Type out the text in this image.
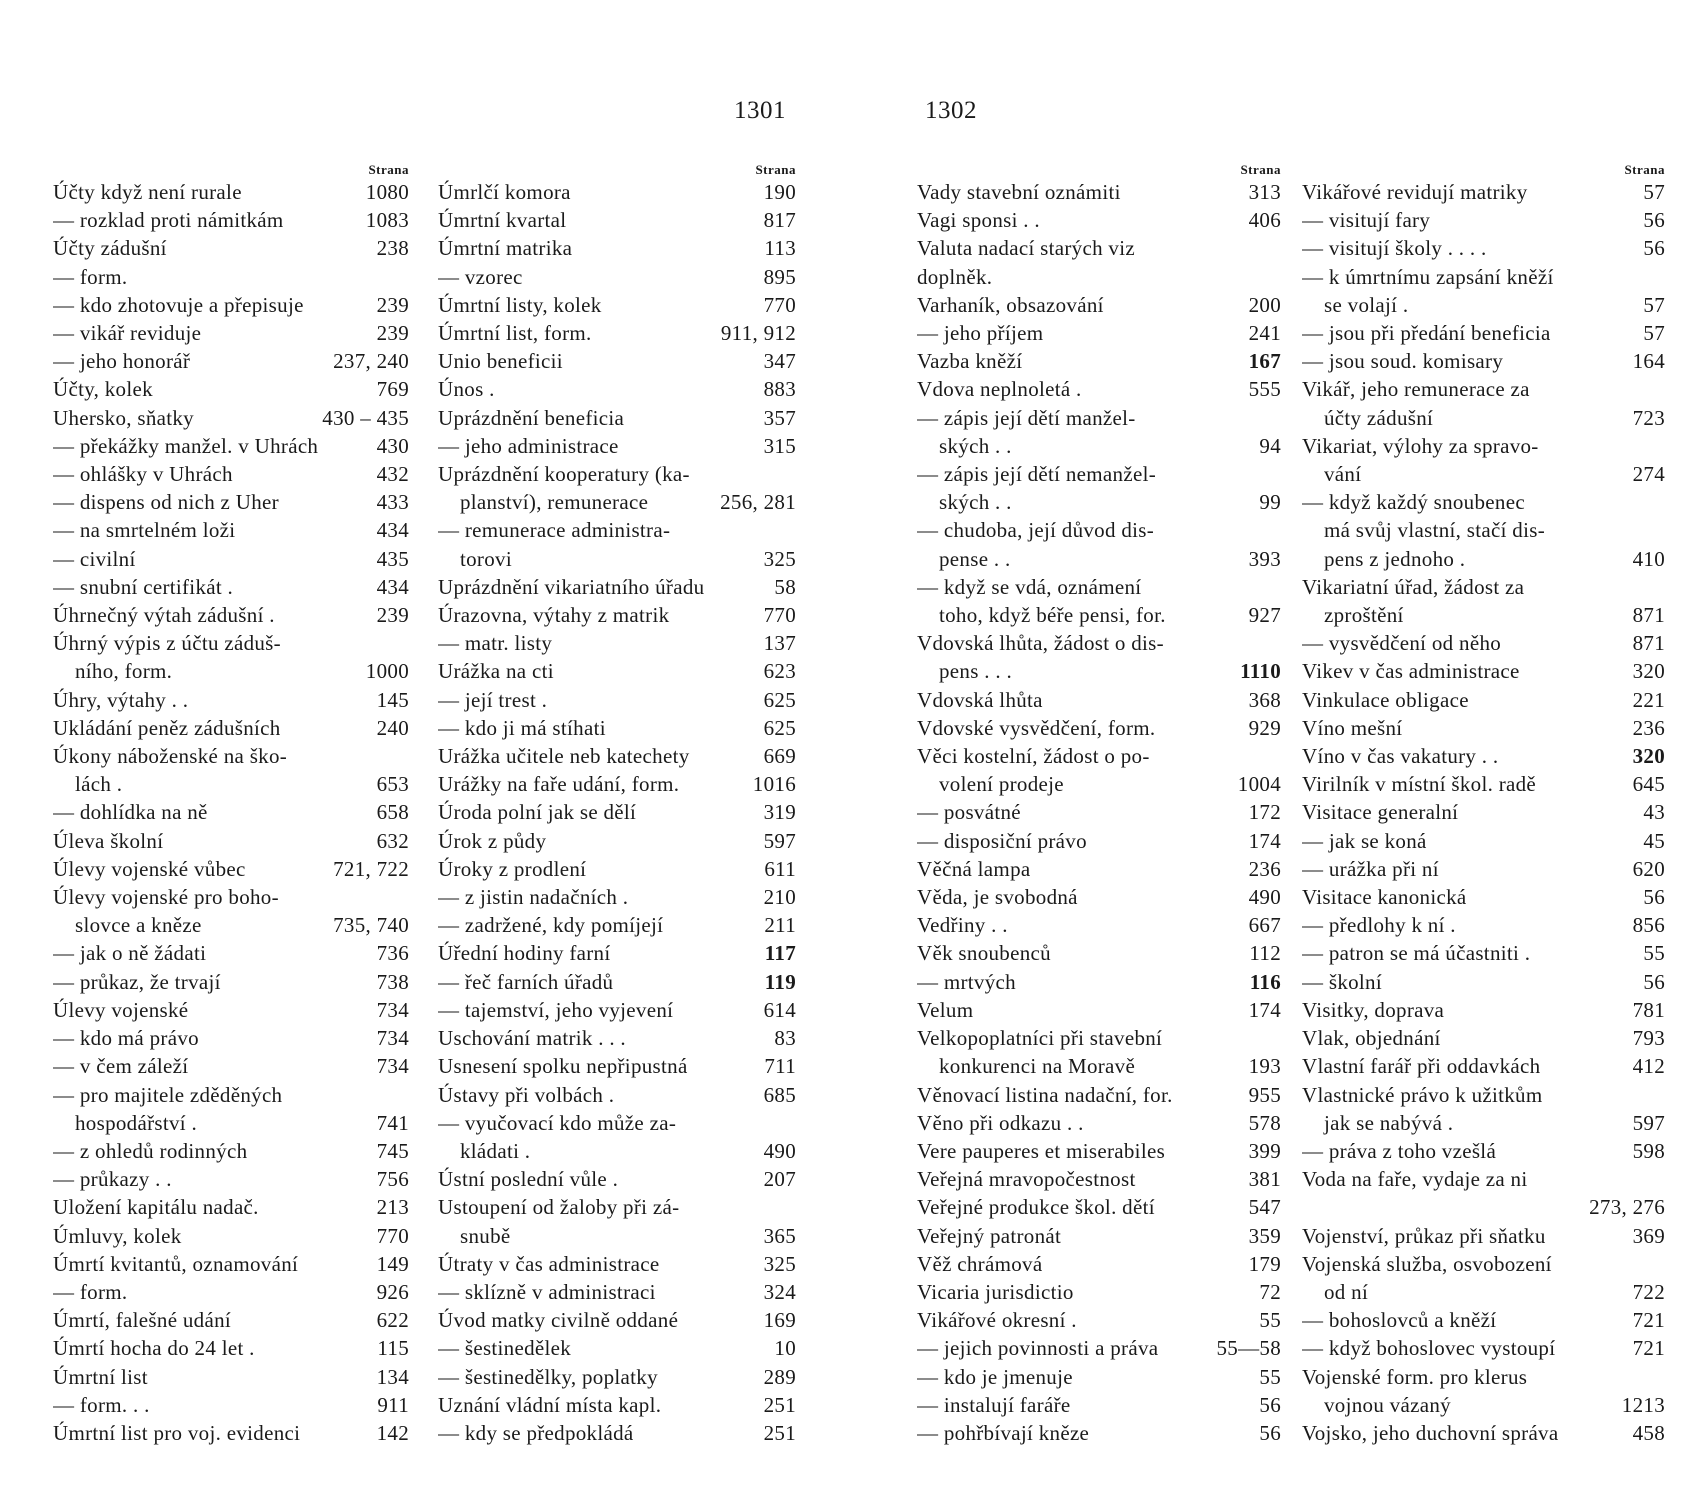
1301	1302
Strana
Účty když není rurale	1080
— rozklad proti námitkám	1083
Účty zádušní	238
— form.
— kdo zhotovuje a přepisuje	239
— vikář reviduje	239
— jeho honorář	237, 240
Účty, kolek	769
Uhersko, sňatky	430 – 435
— překážky manžel. v Uhrách	430
— ohlášky v Uhrách	432
— dispens od nich z Uher	433
— na smrtelném loži	434
— civilní	435
— snubní certifikát .	434
Úhrnečný výtah zádušní .	239
Úhrný výpis z účtu záduš-
ního, form.	1000
Úhry, výtahy . .	145
Ukládání peněz zádušních	240
Úkony náboženské na ško-
lách .	653
— dohlídka na ně	658
Úleva školní	632
Úlevy vojenské vůbec	721, 722
Úlevy vojenské pro boho-
slovce a kněze	735, 740
— jak o ně žádati	736
— průkaz, že trvají	738
Úlevy vojenské	734
— kdo má právo	734
— v čem záleží	734
— pro majitele zděděných
hospodářství .	741
— z ohledů rodinných	745
— průkazy . .	756
Uložení kapitálu nadač.	213
Úmluvy, kolek	770
Úmrtí kvitantů, oznamování	149
— form.	926
Úmrtí, falešné udání	622
Úmrtí hocha do 24 let .	115
Úmrtní list	134
— form. . .	911
Úmrtní list pro voj. evidenci	142
Strana
Úmrlčí komora	190
Úmrtní kvartal	817
Úmrtní matrika	113
— vzorec	895
Úmrtní listy, kolek	770
Úmrtní list, form.	911, 912
Unio beneficii	347
Únos .	883
Uprázdnění beneficia	357
— jeho administrace	315
Uprázdnění kooperatury (ka-
planství), remunerace	256, 281
— remunerace administra-
torovi	325
Uprázdnění vikariatního úřadu	58
Úrazovna, výtahy z matrik	770
— matr. listy	137
Urážka na cti	623
— její trest .	625
— kdo ji má stíhati	625
Urážka učitele neb katechety	669
Urážky na faře udání, form.	1016
Úroda polní jak se dělí	319
Úrok z půdy	597
Úroky z prodlení	611
— z jistin nadačních .	210
— zadržené, kdy pomíjejí	211
Úřední hodiny farní	117
— řeč farních úřadů	119
— tajemství, jeho vyjevení	614
Uschování matrik . . .	83
Usnesení spolku nepřipustná	711
Ústavy při volbách .	685
— vyučovací kdo může za-
kládati .	490
Ústní poslední vůle .	207
Ustoupení od žaloby při zá-
snubě	365
Útraty v čas administrace	325
— sklízně v administraci	324
Úvod matky civilně oddané	169
— šestinedělek	10
— šestinedělky, poplatky	289
Uznání vládní místa kapl.	251
— kdy se předpokládá	251
Strana
Vady stavební oznámiti	313
Vagi sponsi . .	406
Valuta nadací starých viz
doplněk.
Varhaník, obsazování	200
— jeho příjem	241
Vazba kněží	167
Vdova neplnoletá .	555
— zápis její dětí manžel-
ských . .	94
— zápis její dětí nemanžel-
ských . .	99
— chudoba, její důvod dis-
pense . .	393
— když se vdá, oznámení
toho, když béře pensi, for.	927
Vdovská lhůta, žádost o dis-
pens . . .	1110
Vdovská lhůta	368
Vdovské vysvědčení, form.	929
Věci kostelní, žádost o po-
volení prodeje	1004
— posvátné	172
— disposiční právo	174
Věčná lampa	236
Věda, je svobodná	490
Vedřiny . .	667
Věk snoubenců	112
— mrtvých	116
Velum	174
Velkopoplatníci při stavební
konkurenci na Moravě	193
Věnovací listina nadační, for.	955
Věno při odkazu . .	578
Vere pauperes et miserabiles	399
Veřejná mravopočestnost	381
Veřejné produkce škol. dětí	547
Veřejný patronát	359
Věž chrámová	179
Vicaria jurisdictio	72
Vikářové okresní .	55
— jejich povinnosti a práva	55—58
— kdo je jmenuje	55
— instalují faráře	56
— pohřbívají kněze	56
Strana
Vikářové revidují matriky	57
— visitují fary	56
— visitují školy . . . .	56
— k úmrtnímu zapsání kněží
se volají .	57
— jsou při předání beneficia	57
— jsou soud. komisary	164
Vikář, jeho remunerace za
účty zádušní	723
Vikariat, výlohy za spravo-
vání	274
— když každý snoubenec
má svůj vlastní, stačí dis-
pens z jednoho .	410
Vikariatní úřad, žádost za
zproštění	871
— vysvědčení od něho	871
Vikev v čas administrace	320
Vinkulace obligace	221
Víno mešní	236
Víno v čas vakatury . .	320
Virilník v místní škol. radě	645
Visitace generalní	43
— jak se koná	45
— urážka při ní	620
Visitace kanonická	56
— předlohy k ní .	856
— patron se má účastniti .	55
— školní	56
Visitky, doprava	781
Vlak, objednání	793
Vlastní farář při oddavkách	412
Vlastnické právo k užitkům
jak se nabývá .	597
— práva z toho vzešlá	598
Voda na faře, vydaje za ni
273, 276
Vojenství, průkaz při sňatku	369
Vojenská služba, osvobození
od ní	722
— bohoslovců a kněží	721
— když bohoslovec vystoupí	721
Vojenské form. pro klerus
vojnou vázaný	1213
Vojsko, jeho duchovní správa	458
